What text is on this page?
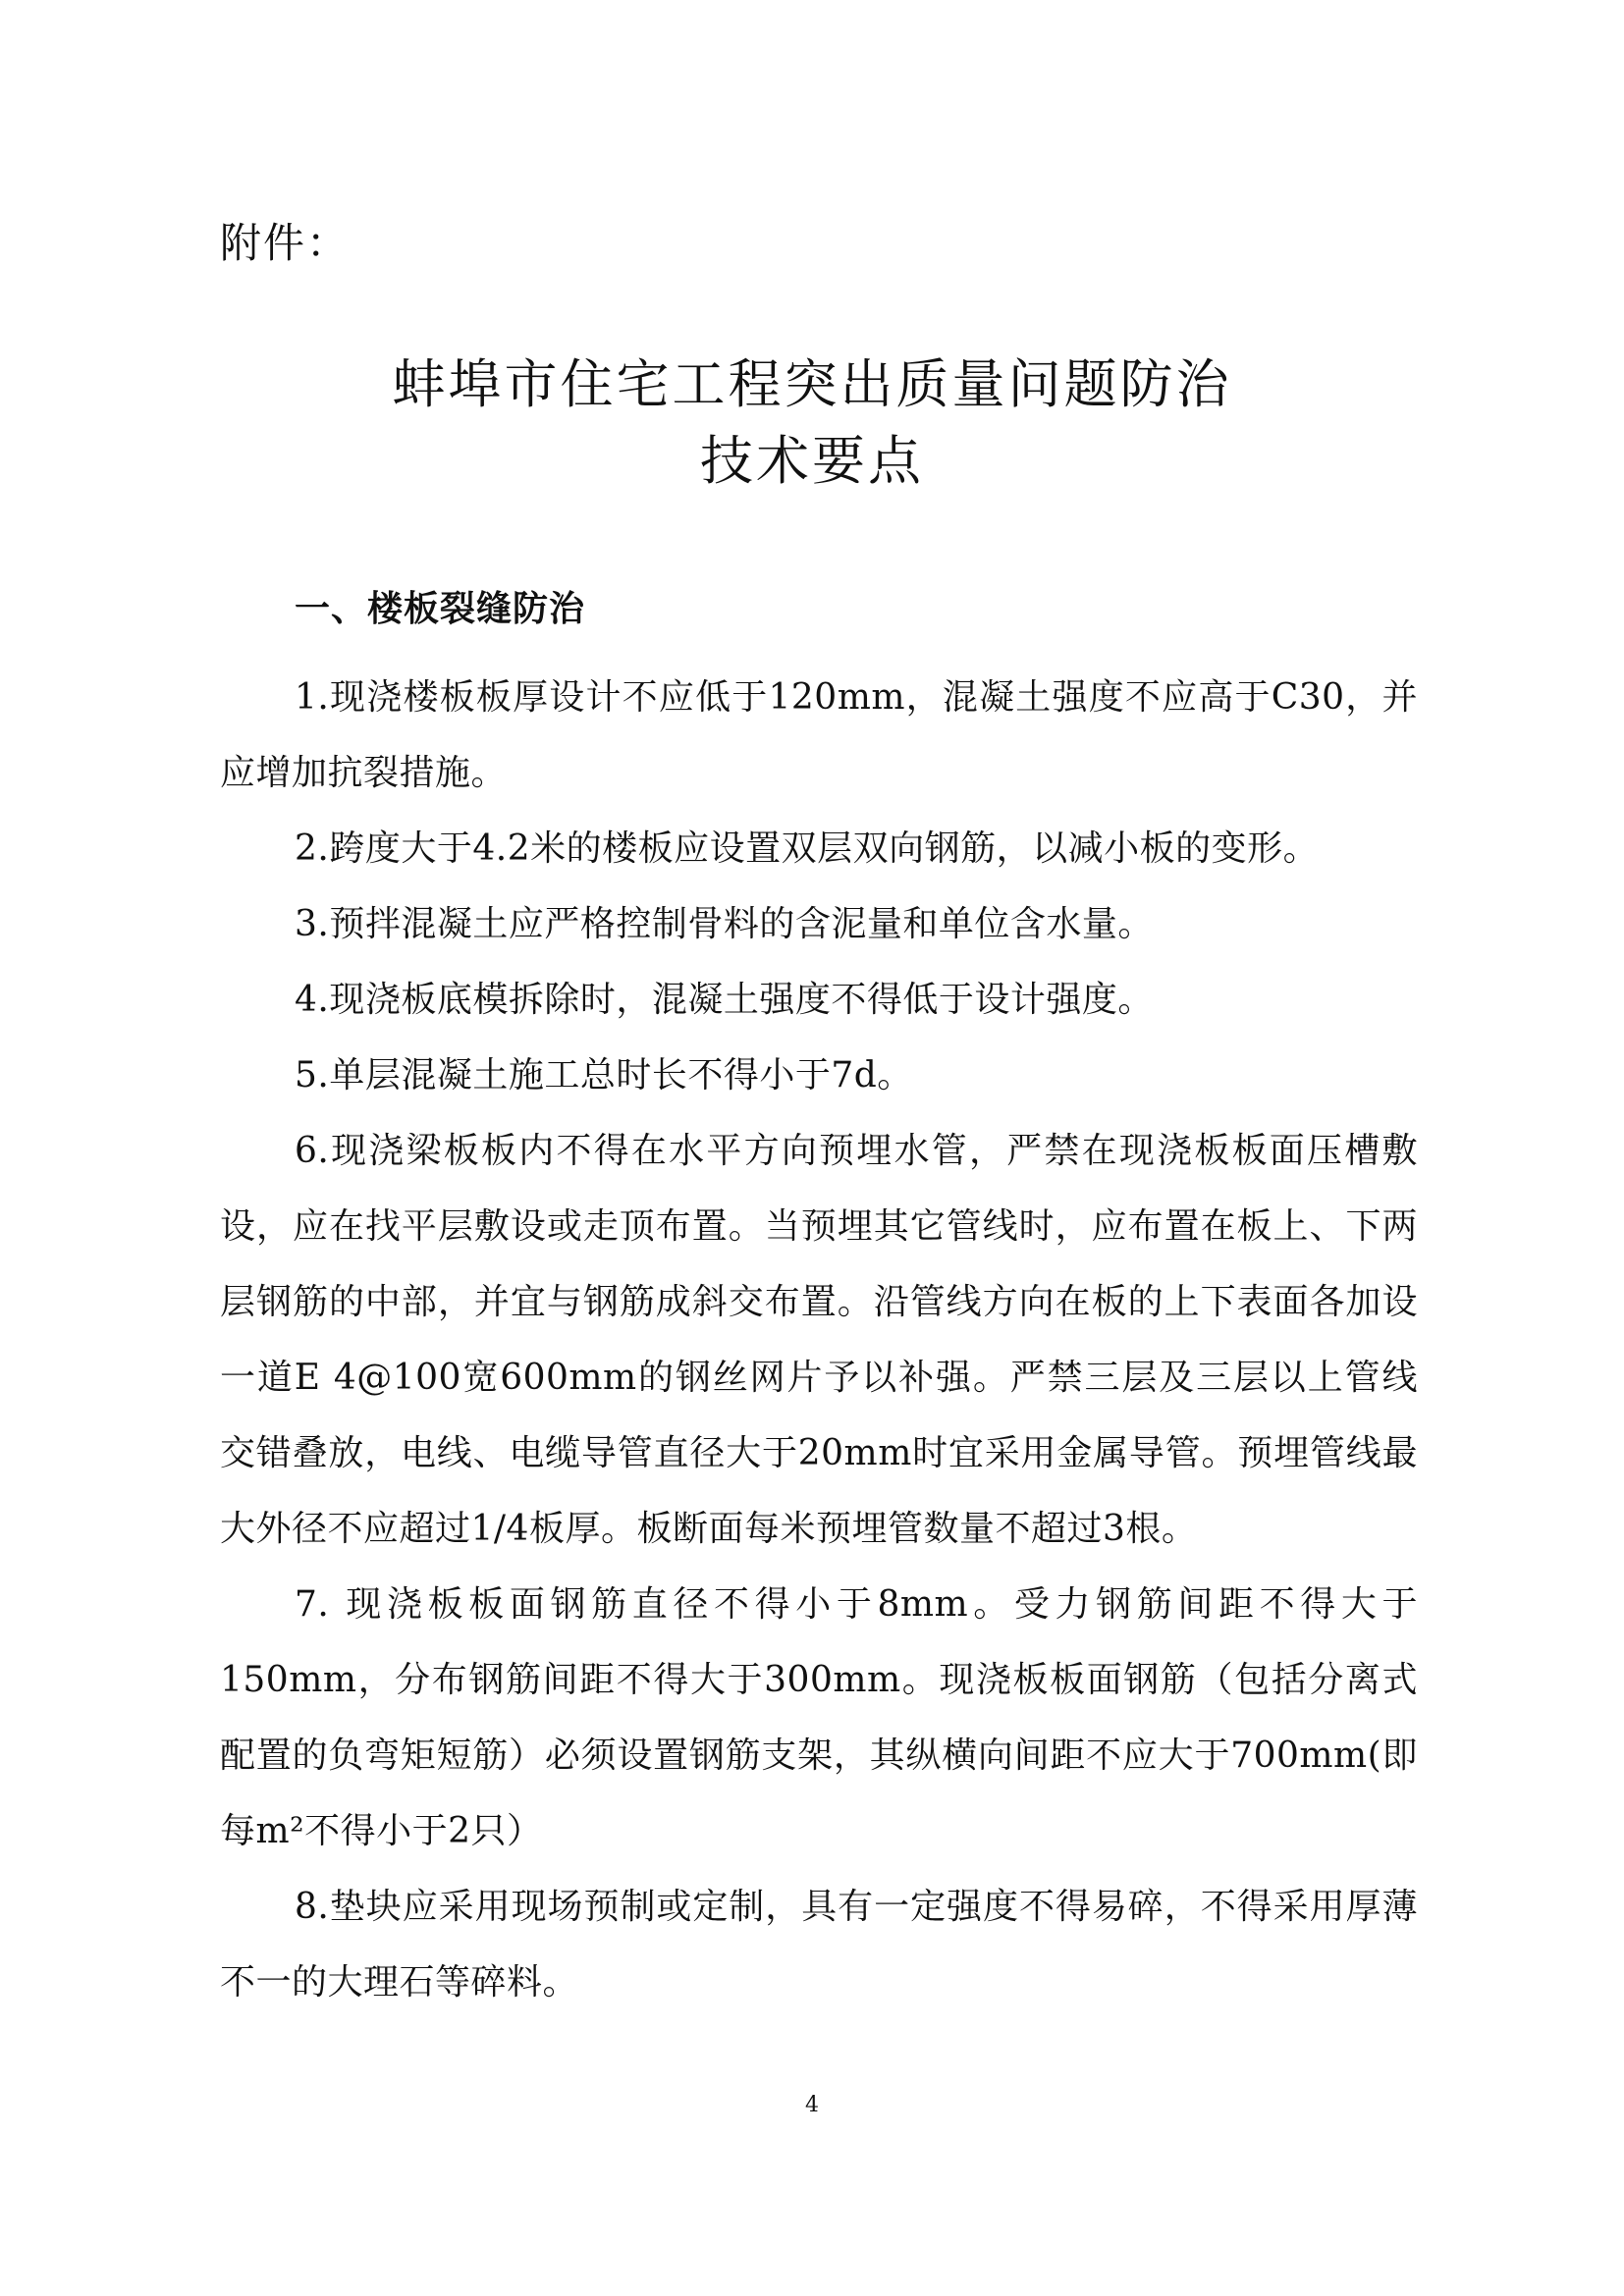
附件：
蚌埠市住宅工程突出质量问题防治
技术要点
一、楼板裂缝防治

1.现浇楼板板厚设计不应低于120mm，混凝土强度不应高于C30，并应增加抗裂措施。

2.跨度大于4.2米的楼板应设置双层双向钢筋，以减小板的变形。

3.预拌混凝土应严格控制骨料的含泥量和单位含水量。

4.现浇板底模拆除时，混凝土强度不得低于设计强度。

5.单层混凝土施工总时长不得小于7d。

6.现浇梁板板内不得在水平方向预埋水管，严禁在现浇板板面压槽敷设，应在找平层敷设或走顶布置。当预埋其它管线时，应布置在板上、下两层钢筋的中部，并宜与钢筋成斜交布置。沿管线方向在板的上下表面各加设一道Ε 4@100宽600mm的钢丝网片予以补强。严禁三层及三层以上管线交错叠放，电线、电缆导管直径大于20mm时宜采用金属导管。预埋管线最大外径不应超过1/4板厚。板断面每米预埋管数量不超过3根。

7. 现浇板板面钢筋直径不得小于8mm。受力钢筋间距不得大于150mm，分布钢筋间距不得大于300mm。现浇板板面钢筋（包括分离式配置的负弯矩短筋）必须设置钢筋支架，其纵横向间距不应大于700mm(即每m²不得小于2只）

8.垫块应采用现场预制或定制，具有一定强度不得易碎，不得采用厚薄不一的大理石等碎料。

4
